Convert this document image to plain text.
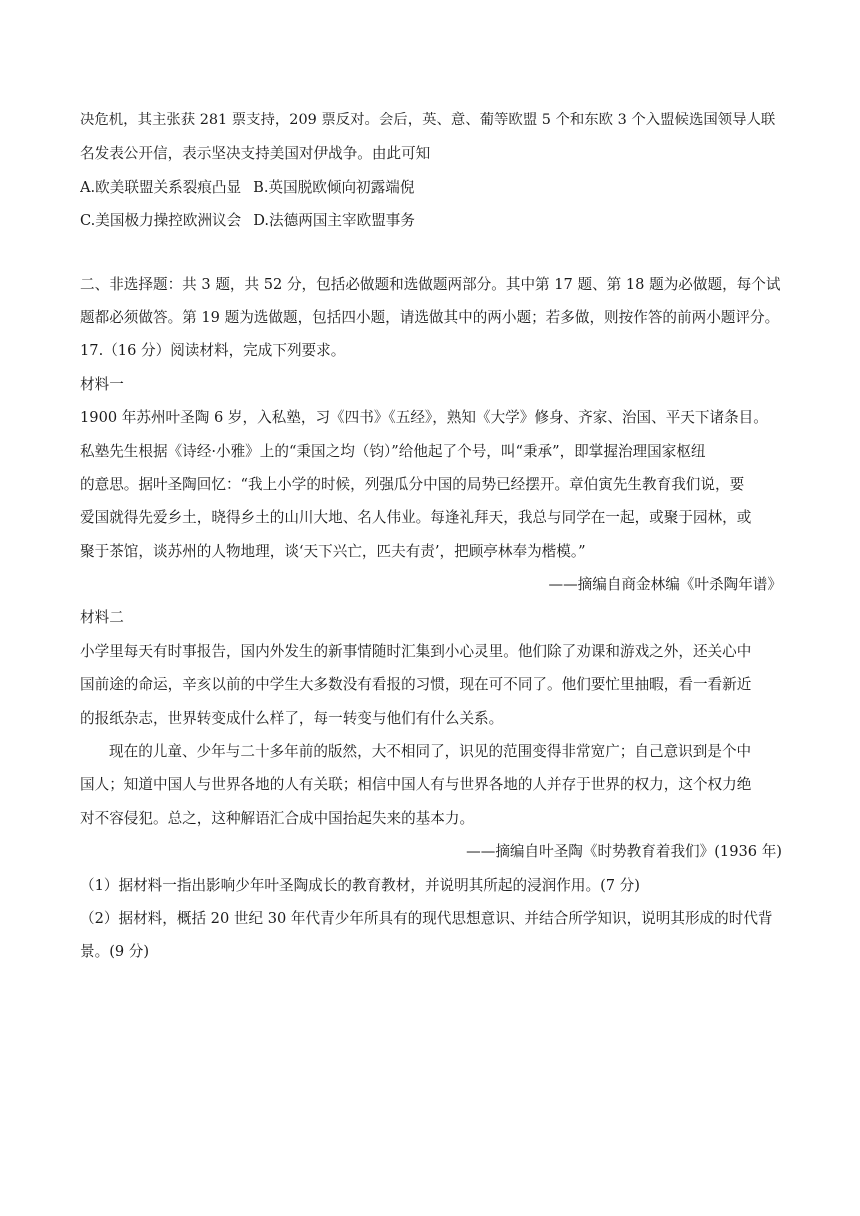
决危机，其主张获 281 票支持，209 票反对。会后，英、意、葡等欧盟 5 个和东欧 3 个入盟候选国领导人联
名发表公开信，表示坚决支持美国对伊战争。由此可知
A.欧美联盟关系裂痕凸显 B.英国脱欧倾向初露端倪
C.美国极力操控欧洲议会 D.法德两国主宰欧盟事务
二、非选择题：共 3 题，共 52 分，包括必做题和选做题两部分。其中第 17 题、第 18 题为必做题，每个试
题都必须做答。第 19 题为选做题，包括四小题，请选做其中的两小题；若多做，则按作答的前两小题评分。
17.（16 分）阅读材料，完成下列要求。
材料一
1900 年苏州叶圣陶 6 岁，入私塾，习《四书》《五经》，熟知《大学》修身、齐家、治国、平天下诸条目。
私塾先生根据《诗经·小雅》上的“秉国之均（钧）”给他起了个号，叫“秉承”，即掌握治理国家枢纽
的意思。据叶圣陶回忆：“我上小学的时候，列强瓜分中国的局势已经摆开。章伯寅先生教育我们说，要
爱国就得先爱乡土，晓得乡土的山川大地、名人伟业。每逢礼拜天，我总与同学在一起，或聚于园林，或
聚于茶馆，谈苏州的人物地理，谈‘天下兴亡，匹夫有责’，把顾亭林奉为楷模。”
——摘编自商金林编《叶杀陶年谱》
材料二
小学里每天有时事报告，国内外发生的新事情随时汇集到小心灵里。他们除了劝课和游戏之外，还关心中
国前途的命运，辛亥以前的中学生大多数没有看报的习惯，现在可不同了。他们要忙里抽暇，看一看新近
的报纸杂志，世界转变成什么样了，每一转变与他们有什么关系。
现在的儿童、少年与二十多年前的版然，大不相同了，识见的范围变得非常宽广；自己意识到是个中
国人；知道中国人与世界各地的人有关联；相信中国人有与世界各地的人并存于世界的权力，这个权力绝
对不容侵犯。总之，这种解语汇合成中国抬起失来的基本力。
——摘编自叶圣陶《时势教育着我们》(1936 年)
（1）据材料一指出影响少年叶圣陶成长的教育教材，并说明其所起的浸润作用。(7 分)
（2）据材料，概括 20 世纪 30 年代青少年所具有的现代思想意识、并结合所学知识，说明其形成的时代背
景。(9 分)
